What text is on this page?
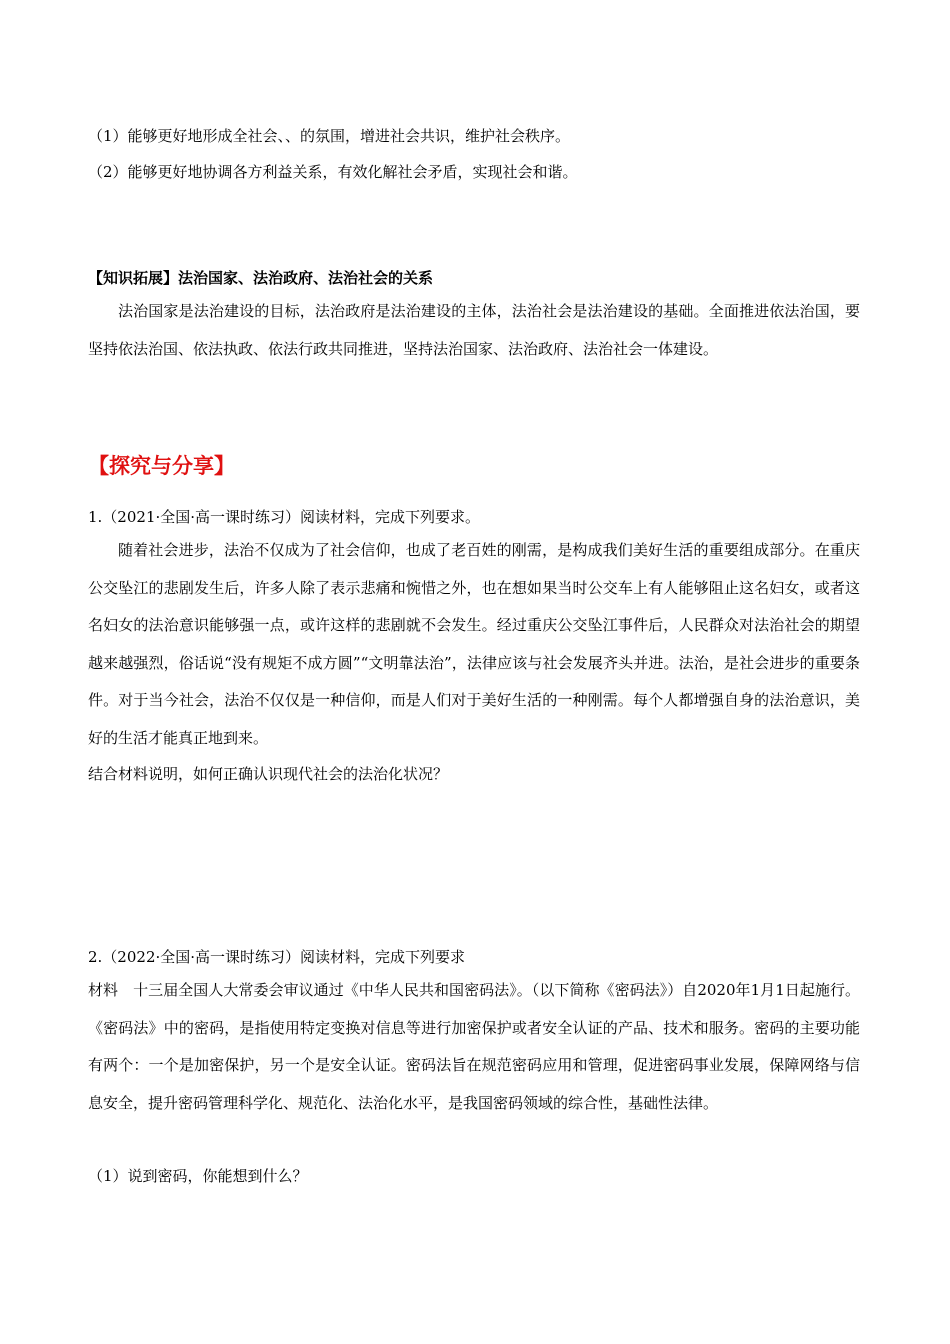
（1）能够更好地形成全社会、、的氛围，增进社会共识，维护社会秩序。
（2）能够更好地协调各方利益关系，有效化解社会矛盾，实现社会和谐。
【知识拓展】法治国家、法治政府、法治社会的关系
法治国家是法治建设的目标，法治政府是法治建设的主体，法治社会是法治建设的基础。全面推进依法治国，要坚持依法治国、依法执政、依法行政共同推进，坚持法治国家、法治政府、法治社会一体建设。
【探究与分享】
1.（2021·全国·高一课时练习）阅读材料，完成下列要求。
随着社会进步，法治不仅成为了社会信仰，也成了老百姓的刚需，是构成我们美好生活的重要组成部分。在重庆公交坠江的悲剧发生后，许多人除了表示悲痛和惋惜之外，也在想如果当时公交车上有人能够阻止这名妇女，或者这名妇女的法治意识能够强一点，或许这样的悲剧就不会发生。经过重庆公交坠江事件后，人民群众对法治社会的期望越来越强烈，俗话说“没有规矩不成方圆”“文明靠法治”，法律应该与社会发展齐头并进。法治，是社会进步的重要条件。对于当今社会，法治不仅仅是一种信仰，而是人们对于美好生活的一种刚需。每个人都增强自身的法治意识，美好的生活才能真正地到来。
结合材料说明，如何正确认识现代社会的法治化状况？
2.（2022·全国·高一课时练习）阅读材料，完成下列要求
材料　十三届全国人大常委会审议通过《中华人民共和国密码法》。（以下简称《密码法》）自2020年1月1日起施行。《密码法》中的密码，是指使用特定变换对信息等进行加密保护或者安全认证的产品、技术和服务。密码的主要功能有两个：一个是加密保护，另一个是安全认证。密码法旨在规范密码应用和管理，促进密码事业发展，保障网络与信息安全，提升密码管理科学化、规范化、法治化水平，是我国密码领域的综合性，基础性法律。
（1）说到密码，你能想到什么？
